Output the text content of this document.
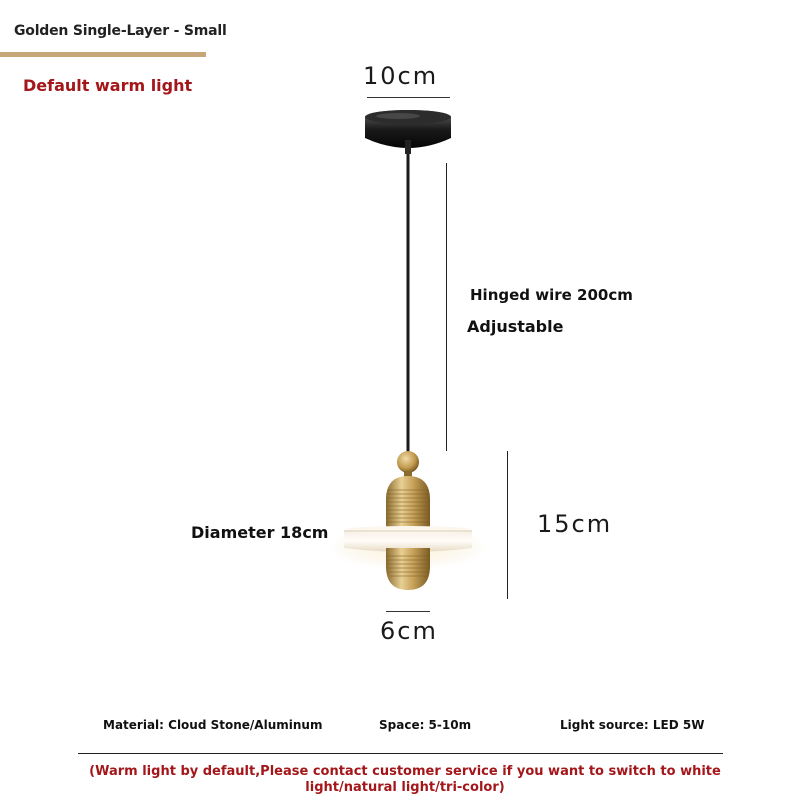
Golden Single-Layer - Small
Default warm light	10cm
Hinged wire 200cm
Adjustable
15cm
Diameter 18cm
6cm
Material: Cloud Stone/Aluminum	Space: 5-10m	Light source: LED 5W
(Warm light by default,Please contact customer service if you want to switch to white light/natural light/tri-color)
